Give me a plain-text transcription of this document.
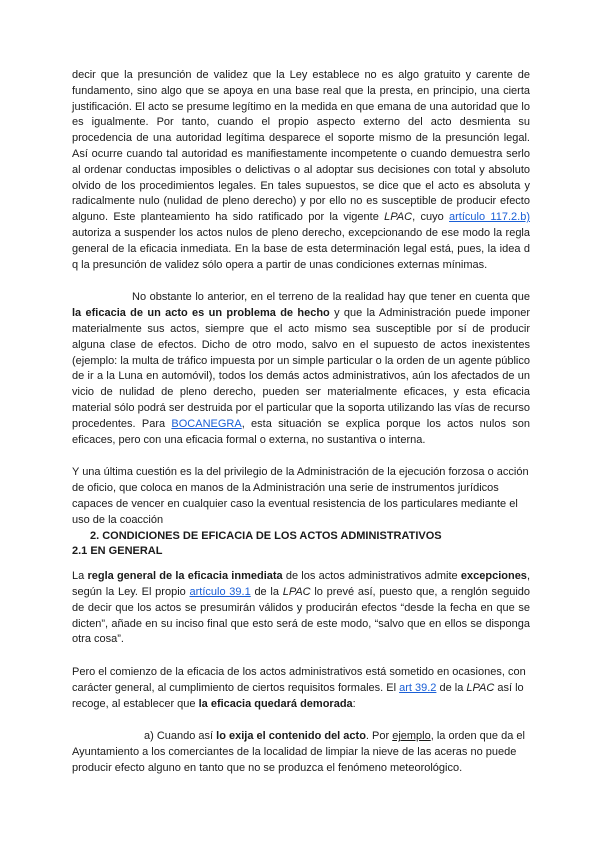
decir que la presunción de validez que la Ley establece no es algo gratuito y carente de fundamento, sino algo que se apoya en una base real que la presta, en principio, una cierta justificación. El acto se presume legítimo en la medida en que emana de una autoridad que lo es igualmente. Por tanto, cuando el propio aspecto externo del acto desmienta su procedencia de una autoridad legítima desparece el soporte mismo de la presunción legal. Así ocurre cuando tal autoridad es manifiestamente incompetente o cuando demuestra serlo al ordenar conductas imposibles o delictivas o al adoptar sus decisiones con total y absoluto olvido de los procedimientos legales. En tales supuestos, se dice que el acto es absoluta y radicalmente nulo (nulidad de pleno derecho) y por ello no es susceptible de producir efecto alguno. Este planteamiento ha sido ratificado por la vigente LPAC, cuyo artículo 117.2.b) autoriza a suspender los actos nulos de pleno derecho, excepcionando de ese modo la regla general de la eficacia inmediata. En la base de esta determinación legal está, pues, la idea d q la presunción de validez sólo opera a partir de unas condiciones externas mínimas.

No obstante lo anterior, en el terreno de la realidad hay que tener en cuenta que la eficacia de un acto es un problema de hecho y que la Administración puede imponer materialmente sus actos, siempre que el acto mismo sea susceptible por sí de producir alguna clase de efectos. Dicho de otro modo, salvo en el supuesto de actos inexistentes (ejemplo: la multa de tráfico impuesta por un simple particular o la orden de un agente público de ir a la Luna en automóvil), todos los demás actos administrativos, aún los afectados de un vicio de nulidad de pleno derecho, pueden ser materialmente eficaces, y esta eficacia material sólo podrá ser destruida por el particular que la soporta utilizando las vías de recurso procedentes. Para BOCANEGRA, esta situación se explica porque los actos nulos son eficaces, pero con una eficacia formal o externa, no sustantiva o interna.

Y una última cuestión es la del privilegio de la Administración de la ejecución forzosa o acción de oficio, que coloca en manos de la Administración una serie de instrumentos jurídicos capaces de vencer en cualquier caso la eventual resistencia de los particulares mediante el uso de la coacción

2. CONDICIONES DE EFICACIA DE LOS ACTOS ADMINISTRATIVOS
2.1 EN GENERAL

La regla general de la eficacia inmediata de los actos administrativos admite excepciones, según la Ley. El propio artículo 39.1 de la LPAC lo prevé así, puesto que, a renglón seguido de decir que los actos se presumirán válidos y producirán efectos “desde la fecha en que se dicten”, añade en su inciso final que esto será de este modo, “salvo que en ellos se disponga otra cosa”.

Pero el comienzo de la eficacia de los actos administrativos está sometido en ocasiones, con carácter general, al cumplimiento de ciertos requisitos formales. El art 39.2 de la LPAC así lo recoge, al establecer que la eficacia quedará demorada:

a) Cuando así lo exija el contenido del acto. Por ejemplo, la orden que da el Ayuntamiento a los comerciantes de la localidad de limpiar la nieve de las aceras no puede producir efecto alguno en tanto que no se produzca el fenómeno meteorológico.
